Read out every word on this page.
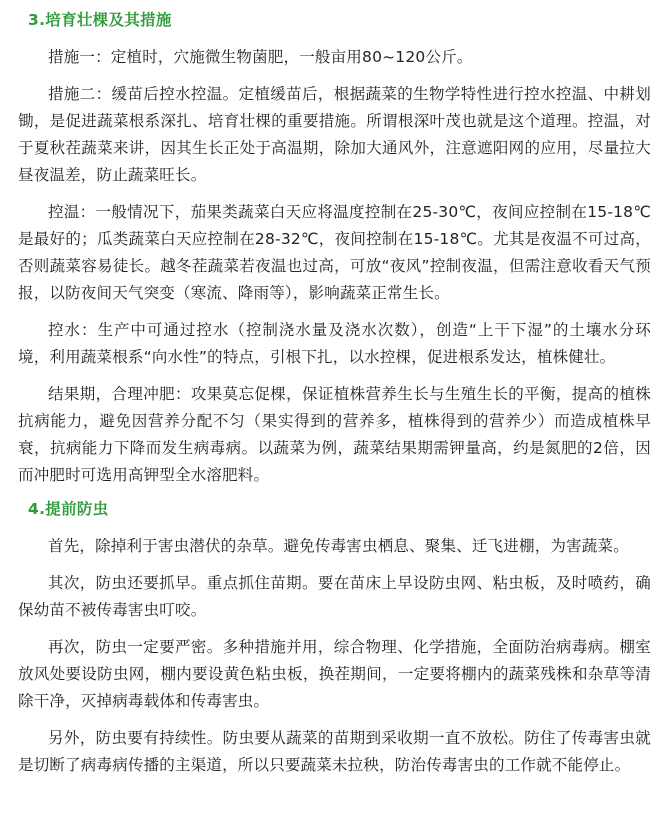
3.培育壮棵及其措施

措施一：定植时，穴施微生物菌肥，一般亩用80~120公斤。

措施二：缓苗后控水控温。定植缓苗后，根据蔬菜的生物学特性进行控水控温、中耕划锄，是促进蔬菜根系深扎、培育壮棵的重要措施。所谓根深叶茂也就是这个道理。控温，对于夏秋茬蔬菜来讲，因其生长正处于高温期，除加大通风外，注意遮阳网的应用，尽量拉大昼夜温差，防止蔬菜旺长。

控温：一般情况下，茄果类蔬菜白天应将温度控制在25-30℃，夜间应控制在15-18℃是最好的；瓜类蔬菜白天应控制在28-32℃，夜间控制在15-18℃。尤其是夜温不可过高，否则蔬菜容易徒长。越冬茬蔬菜若夜温也过高，可放“夜风”控制夜温，但需注意收看天气预报，以防夜间天气突变（寒流、降雨等），影响蔬菜正常生长。

控水：生产中可通过控水（控制浇水量及浇水次数），创造“上干下湿”的土壤水分环境，利用蔬菜根系“向水性”的特点，引根下扎，以水控棵，促进根系发达，植株健壮。

结果期，合理冲肥：攻果莫忘促棵，保证植株营养生长与生殖生长的平衡，提高的植株抗病能力，避免因营养分配不匀（果实得到的营养多，植株得到的营养少）而造成植株早衰，抗病能力下降而发生病毒病。以蔬菜为例，蔬菜结果期需钾量高，约是氮肥的2倍，因而冲肥时可选用高钾型全水溶肥料。

4.提前防虫

首先，除掉利于害虫潜伏的杂草。避免传毒害虫栖息、聚集、迁飞进棚，为害蔬菜。

其次，防虫还要抓早。重点抓住苗期。要在苗床上早设防虫网、粘虫板，及时喷药，确保幼苗不被传毒害虫叮咬。

再次，防虫一定要严密。多种措施并用，综合物理、化学措施，全面防治病毒病。棚室放风处要设防虫网，棚内要设黄色粘虫板，换茬期间，一定要将棚内的蔬菜残株和杂草等清除干净，灭掉病毒载体和传毒害虫。

另外，防虫要有持续性。防虫要从蔬菜的苗期到采收期一直不放松。防住了传毒害虫就是切断了病毒病传播的主渠道，所以只要蔬菜未拉秧，防治传毒害虫的工作就不能停止。
